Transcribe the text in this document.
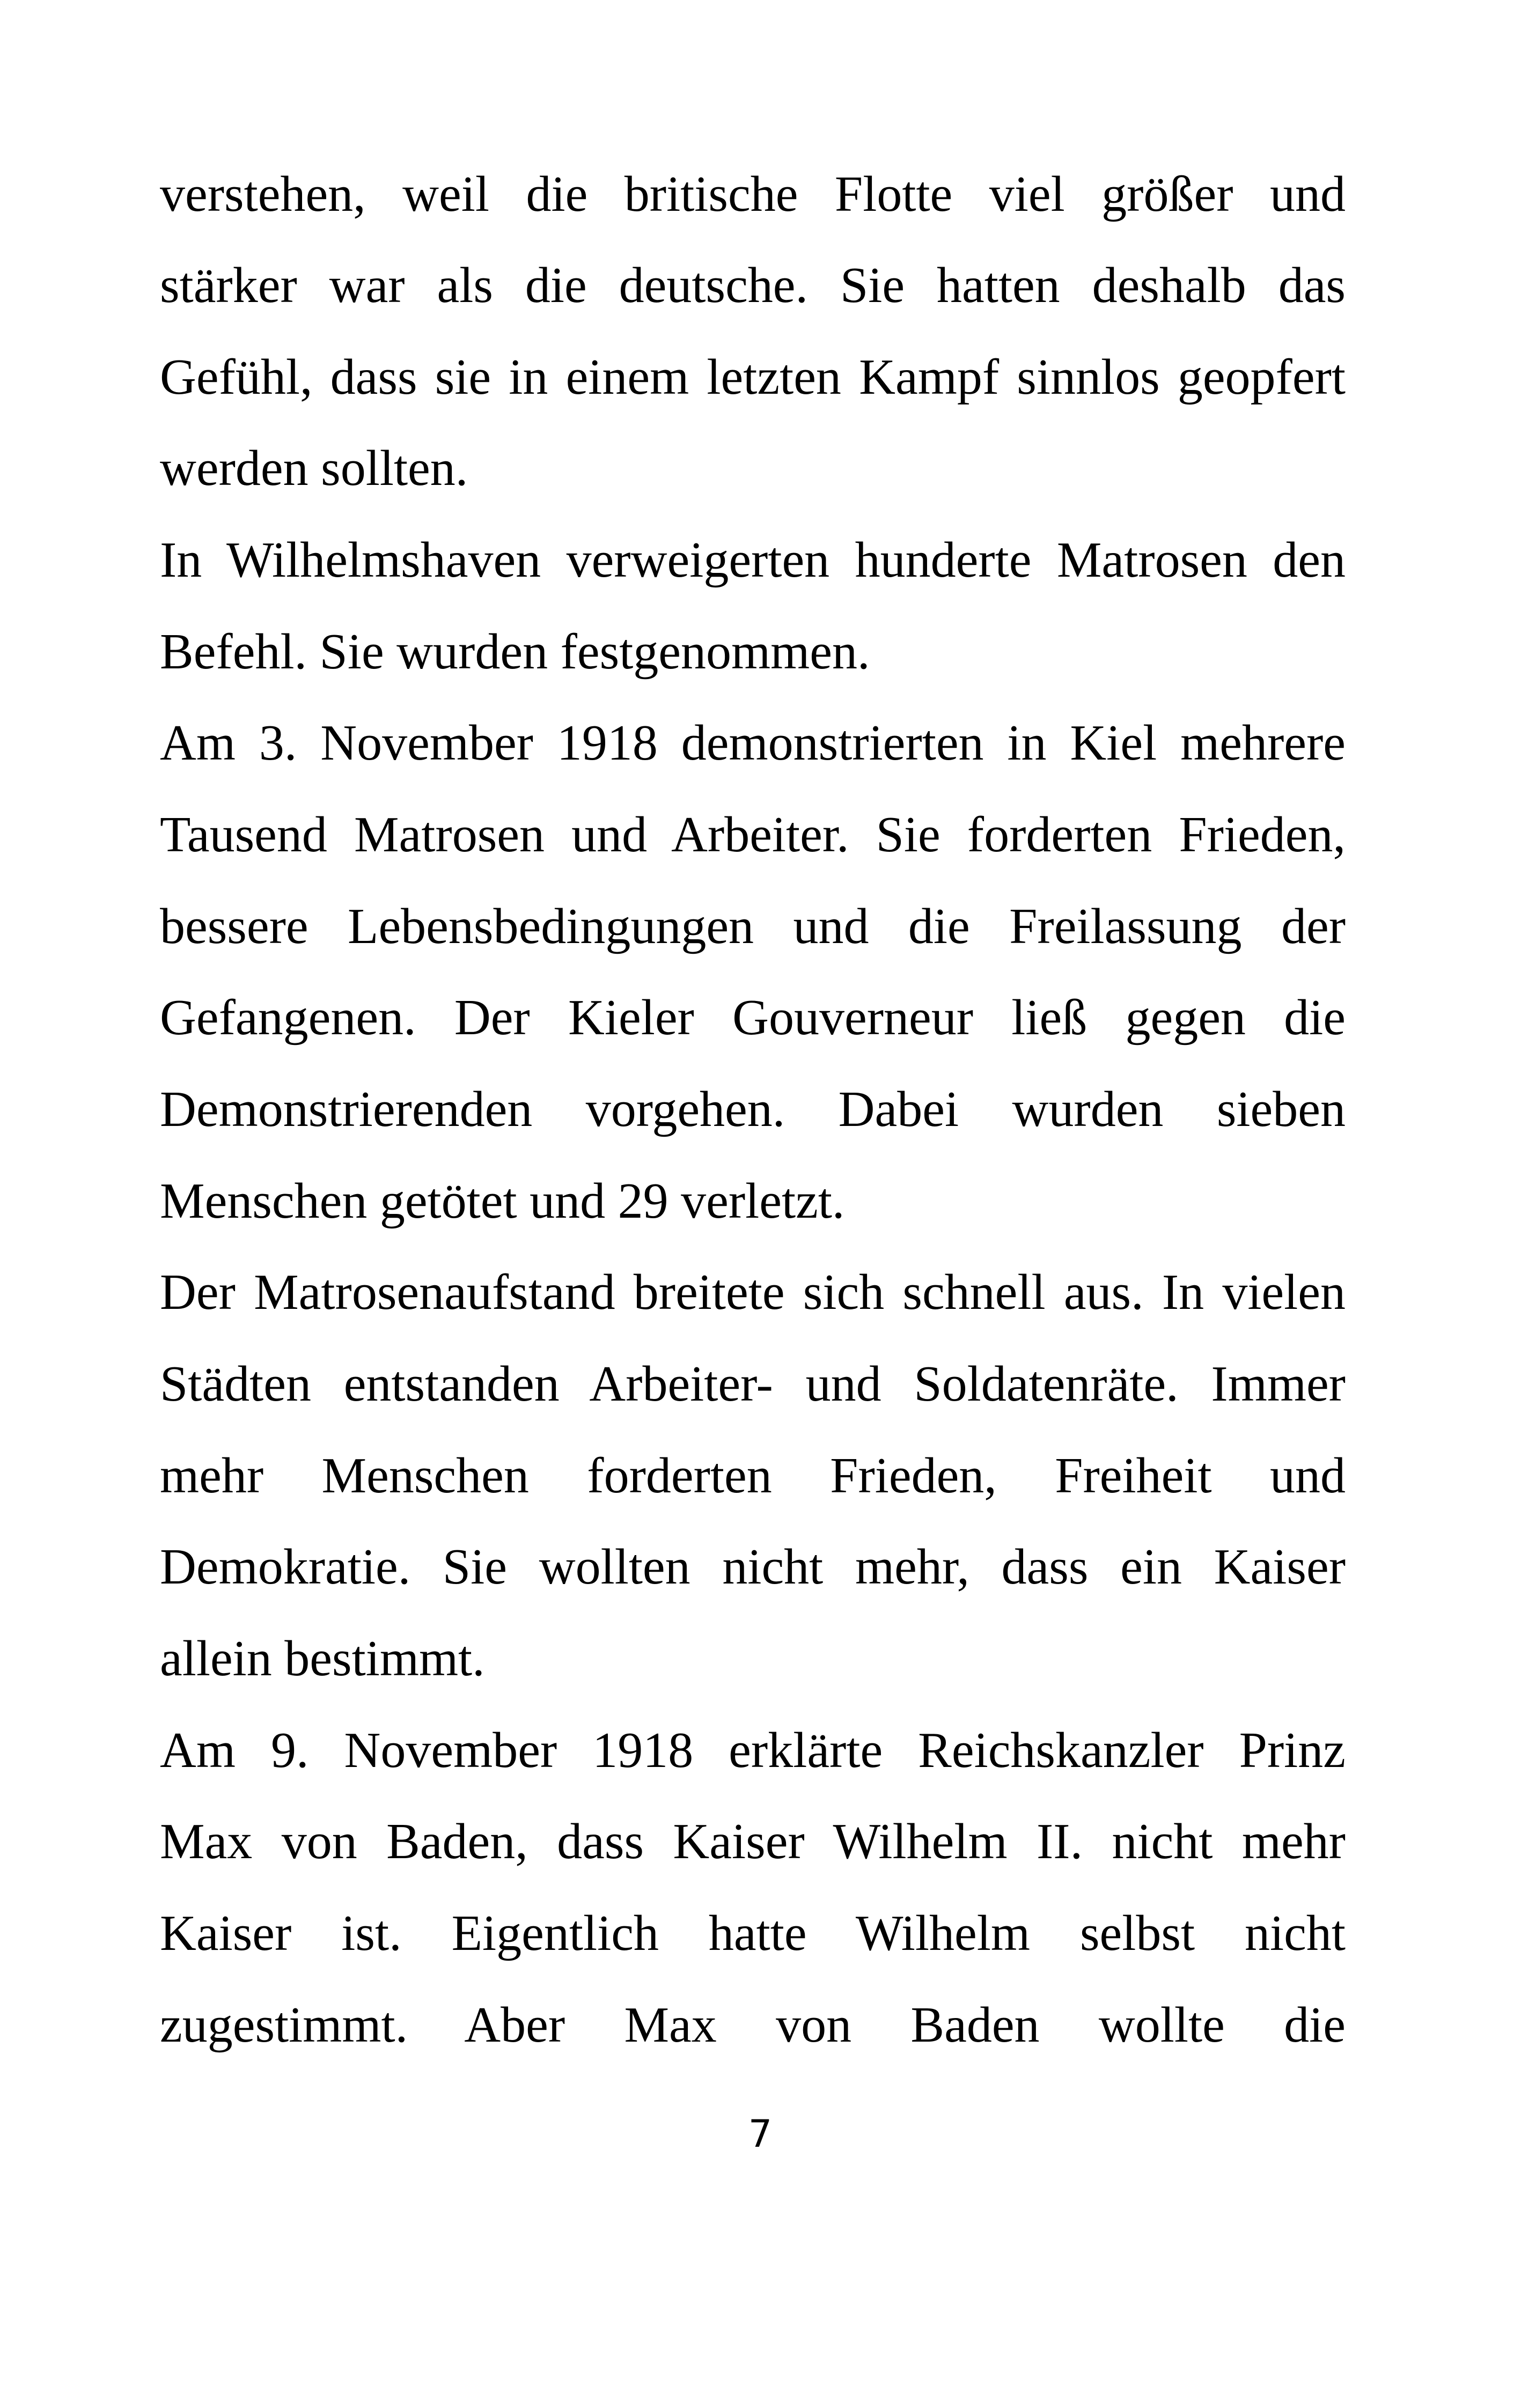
verstehen, weil die britische Flotte viel größer und
stärker war als die deutsche. Sie hatten deshalb das
Gefühl, dass sie in einem letzten Kampf sinnlos geopfert
werden sollten.
In Wilhelmshaven verweigerten hunderte Matrosen den
Befehl. Sie wurden festgenommen.
Am 3. November 1918 demonstrierten in Kiel mehrere
Tausend Matrosen und Arbeiter. Sie forderten Frieden,
bessere Lebensbedingungen und die Freilassung der
Gefangenen. Der Kieler Gouverneur ließ gegen die
Demonstrierenden vorgehen. Dabei wurden sieben
Menschen getötet und 29 verletzt.
Der Matrosenaufstand breitete sich schnell aus. In vielen
Städten entstanden Arbeiter- und Soldatenräte. Immer
mehr Menschen forderten Frieden, Freiheit und
Demokratie. Sie wollten nicht mehr, dass ein Kaiser
allein bestimmt.
Am 9. November 1918 erklärte Reichskanzler Prinz
Max von Baden, dass Kaiser Wilhelm II. nicht mehr
Kaiser ist. Eigentlich hatte Wilhelm selbst nicht
zugestimmt. Aber Max von Baden wollte die
7
